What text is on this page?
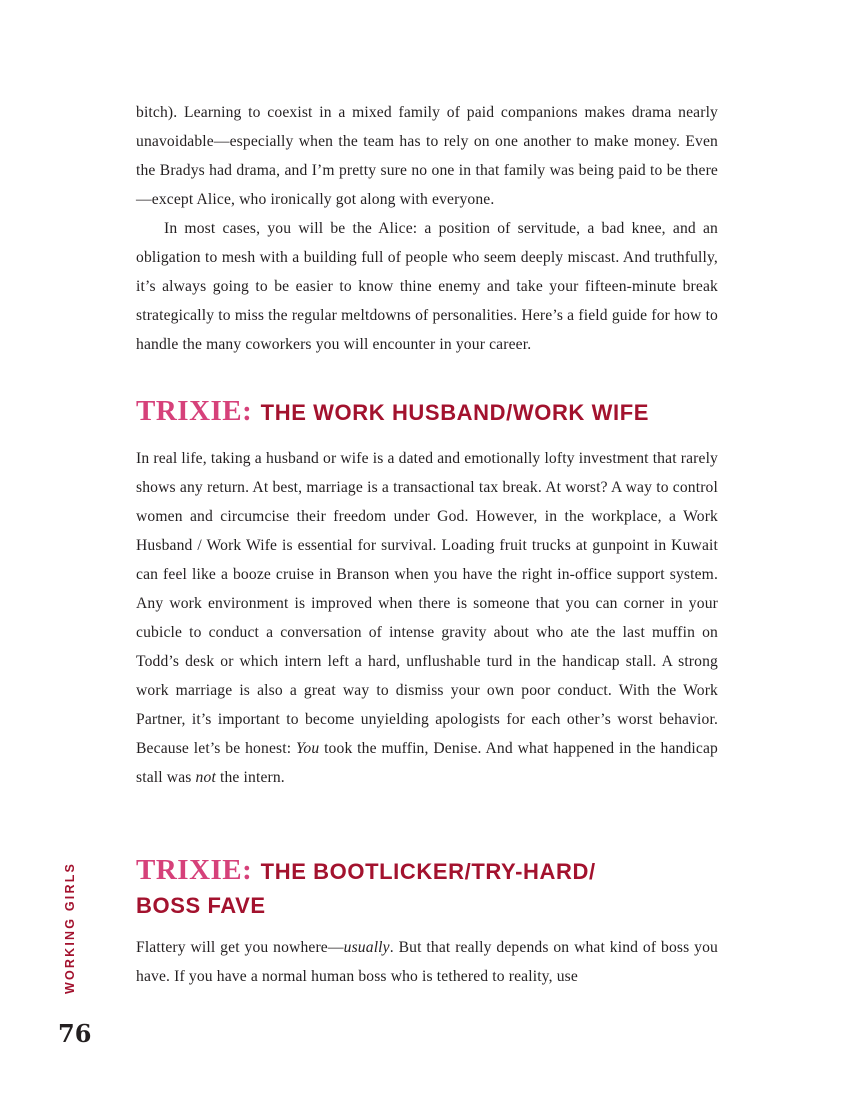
bitch). Learning to coexist in a mixed family of paid companions makes drama nearly unavoidable—especially when the team has to rely on one another to make money. Even the Bradys had drama, and I’m pretty sure no one in that family was being paid to be there—except Alice, who ironically got along with everyone.

In most cases, you will be the Alice: a position of servitude, a bad knee, and an obligation to mesh with a building full of people who seem deeply miscast. And truthfully, it’s always going to be easier to know thine enemy and take your fifteen-minute break strategically to miss the regular meltdowns of personalities. Here’s a field guide for how to handle the many coworkers you will encounter in your career.

TRIXIE: THE WORK HUSBAND/WORK WIFE

In real life, taking a husband or wife is a dated and emotionally lofty investment that rarely shows any return. At best, marriage is a transactional tax break. At worst? A way to control women and circumcise their freedom under God. However, in the workplace, a Work Husband / Work Wife is essential for survival. Loading fruit trucks at gunpoint in Kuwait can feel like a booze cruise in Branson when you have the right in-office support system. Any work environment is improved when there is someone that you can corner in your cubicle to conduct a conversation of intense gravity about who ate the last muffin on Todd’s desk or which intern left a hard, unflushable turd in the handicap stall. A strong work marriage is also a great way to dismiss your own poor conduct. With the Work Partner, it’s important to become unyielding apologists for each other’s worst behavior. Because let’s be honest: You took the muffin, Denise. And what happened in the handicap stall was not the intern.

TRIXIE: THE BOOTLICKER/TRY-HARD/
BOSS FAVE

Flattery will get you nowhere—usually. But that really depends on what kind of boss you have. If you have a normal human boss who is tethered to reality, use

WORKING GIRLS
76
